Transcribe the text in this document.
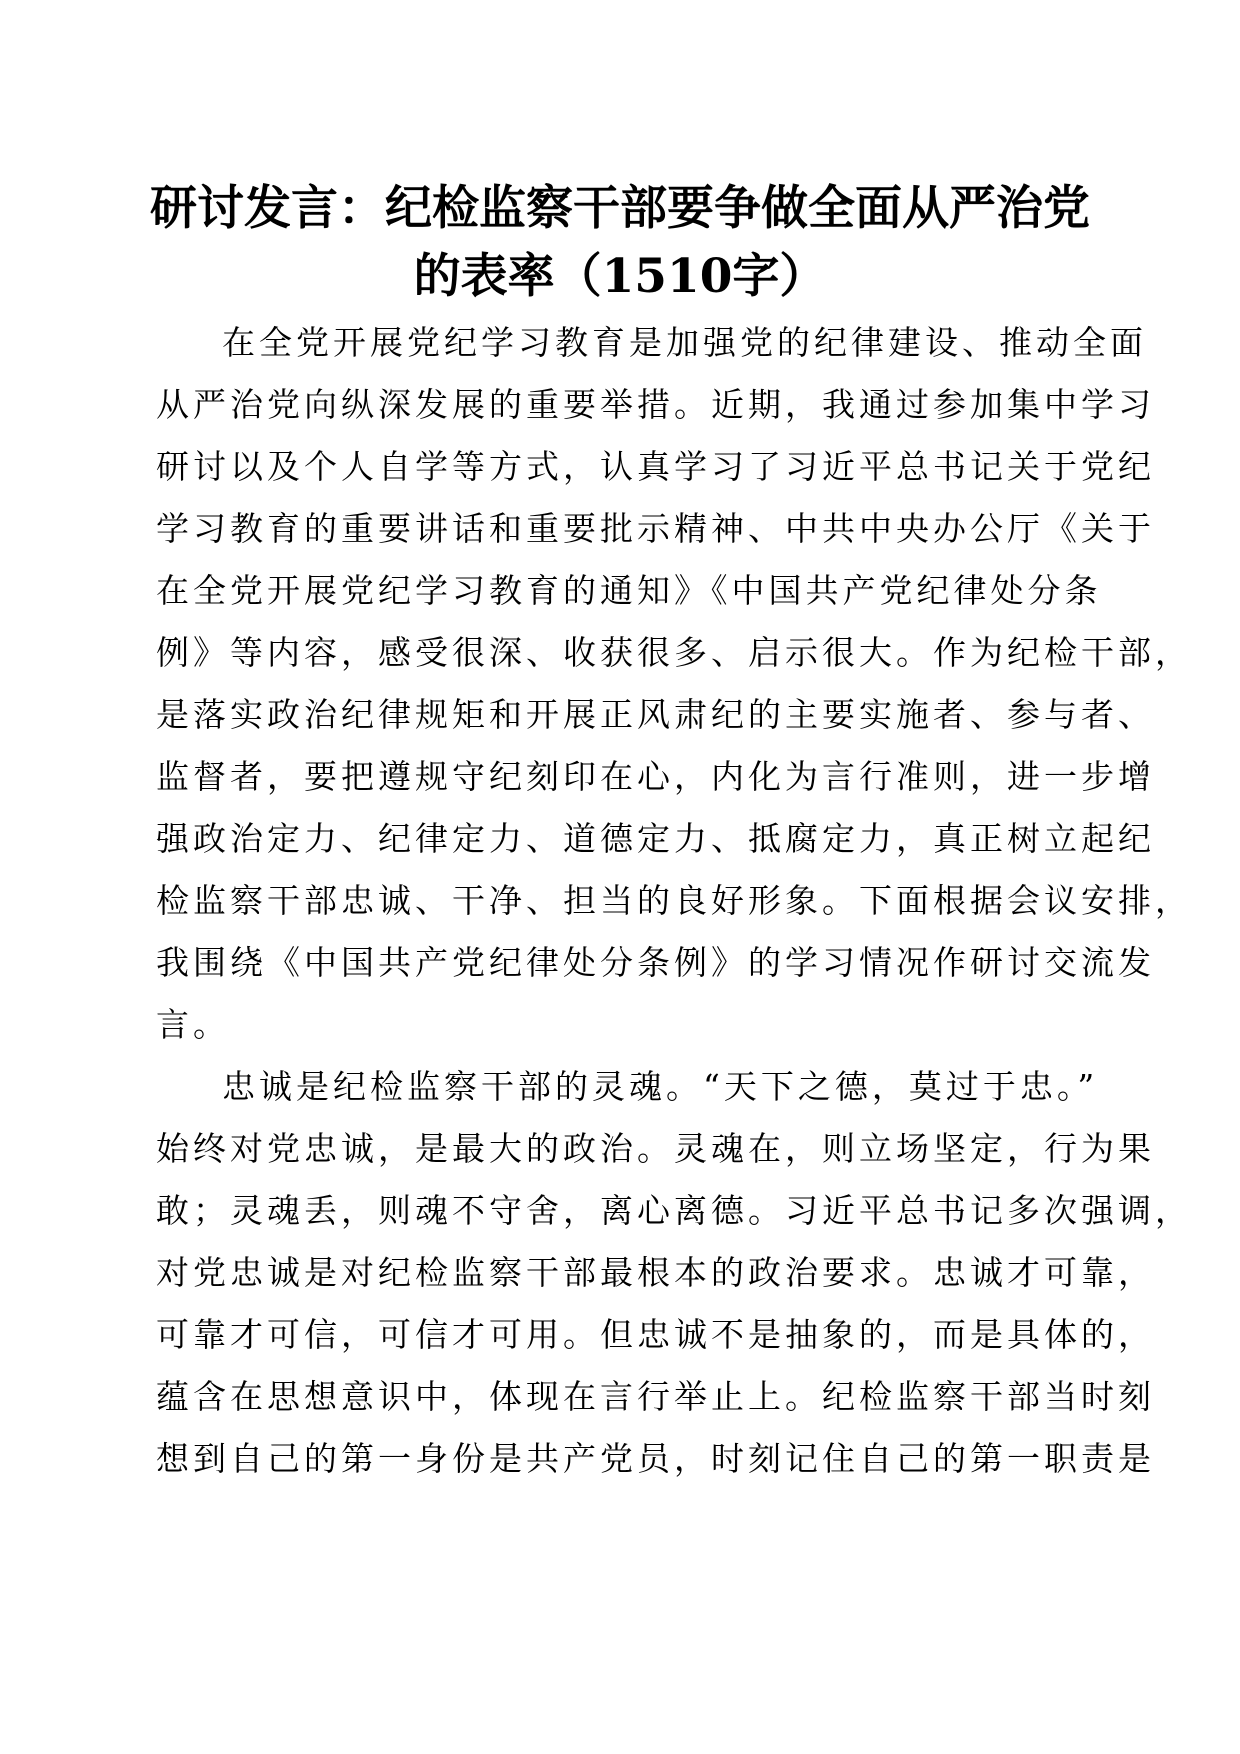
研讨发言：纪检监察干部要争做全面从严治党
的表率（1510字）
在全党开展党纪学习教育是加强党的纪律建设、推动全面
从严治党向纵深发展的重要举措。近期，我通过参加集中学习
研讨以及个人自学等方式，认真学习了习近平总书记关于党纪
学习教育的重要讲话和重要批示精神、中共中央办公厅《关于
在全党开展党纪学习教育的通知》《中国共产党纪律处分条
例》等内容，感受很深、收获很多、启示很大。作为纪检干部，
是落实政治纪律规矩和开展正风肃纪的主要实施者、参与者、
监督者，要把遵规守纪刻印在心，内化为言行准则，进一步增
强政治定力、纪律定力、道德定力、抵腐定力，真正树立起纪
检监察干部忠诚、干净、担当的良好形象。下面根据会议安排，
我围绕《中国共产党纪律处分条例》的学习情况作研讨交流发
言。
忠诚是纪检监察干部的灵魂。“天下之德，莫过于忠。”
始终对党忠诚，是最大的政治。灵魂在，则立场坚定，行为果
敢；灵魂丢，则魂不守舍，离心离德。习近平总书记多次强调，
对党忠诚是对纪检监察干部最根本的政治要求。忠诚才可靠，
可靠才可信，可信才可用。但忠诚不是抽象的，而是具体的，
蕴含在思想意识中，体现在言行举止上。纪检监察干部当时刻
想到自己的第一身份是共产党员，时刻记住自己的第一职责是
